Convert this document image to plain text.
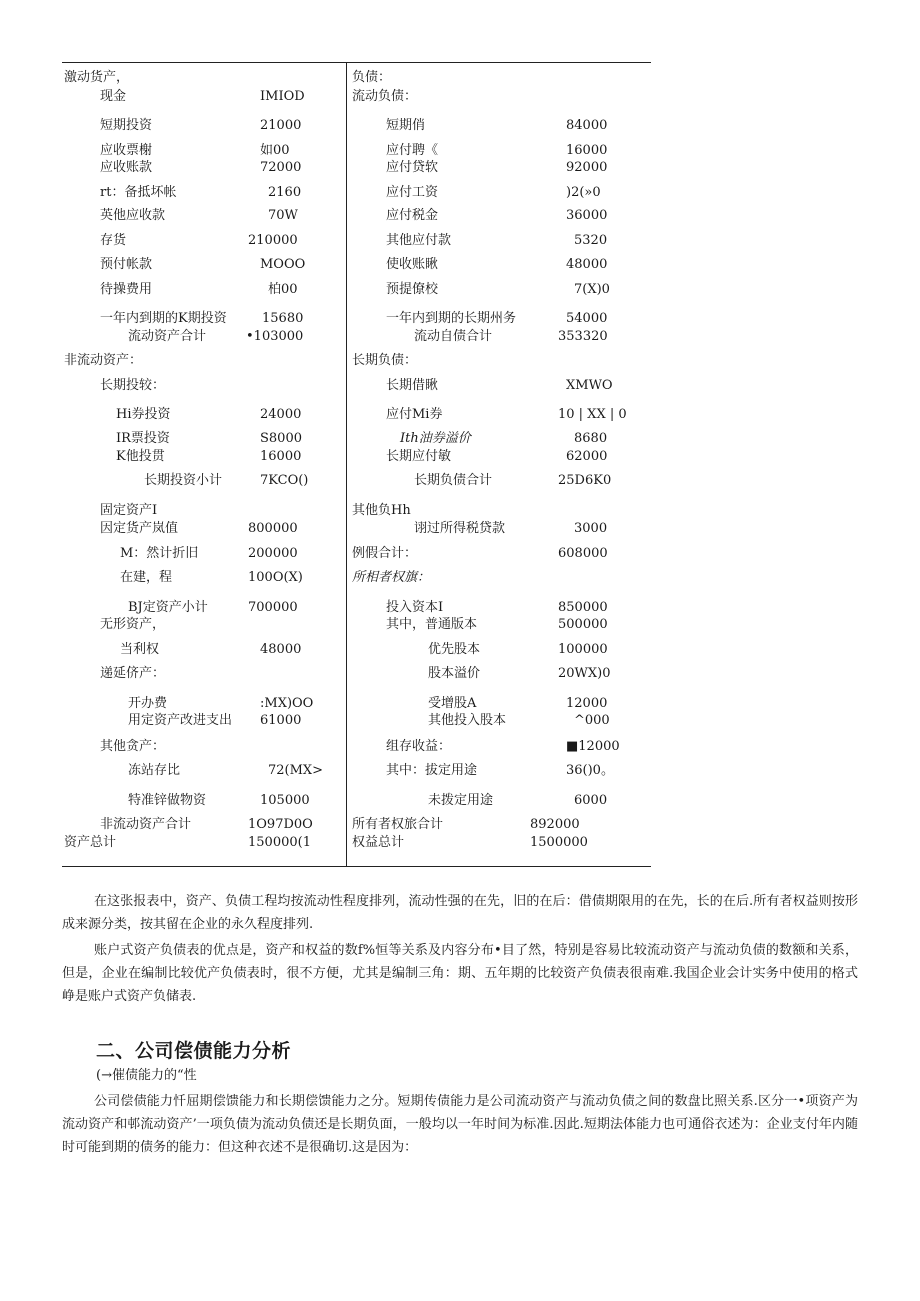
激动货产，
现金	IMIOD
短期投资	21000
应收票榭	如00
应收账款	72000
rt：备抵坏帐	2160
英他应收款	70W
存货	210000
预付帐款	MOOO
待操费用	柏00
一年内到期的K期投资	15680
流动资产合计	•103000
非流动资产：
长期投较：
Hi券投资	24000
IR票投资	S8000
K他投贯	16000
长期投资小计	7KCO()
固定资产I
因定货产岚值	800000
M：然计折旧	200000
在建，程	100O(X)
BJ定资产小计	700000
无形资产，
当利权	48000
递延侪产：
开办费	:MX)OO
用定资产改进支出 61000
其他贪产：
冻站存比	72(MX>
特准锌做物资	105000
非流动资产合计	1O97D0O
资产总计	150000(1
负债：
流动负债：
短期俏	84000
应付聘《	16000
应付贷软	92000
应付工资	)2(»0
应付税金	36000
其他应付款	5320
使收账瞅	48000
预提僚校	7(X)0
一年内到期的长期州务	54000
流动自债合计	353320
长期负债：
长期借瞅	XMWO
应付Mi券	10 | XX | 0
Ith油券溢价	8680
长期应付敏	62000
长期负债合计	25D6K0
其他负Hh
诩过所得税贷款	3000
例假合计：	608000
所相者权旗：
投入资本I	850000
其中，普通版本	500000
优先股本	100000
股本溢价	20WX)0
受增股A	12000
其他投入股本	^000
组存收益：	■12000
其中：拔定用途	36()0。
未拨定用途	6000
所有者权旅合计	892000
权益总计	1500000
在这张报表中，资产、负债工程均按流动性程度排列，流动性强的在先，旧的在后：借债期限用的在先，长的在后.所有者权益则按形成来源分类，按其留在企业的永久程度排列.
账户式资产负债表的优点是，资产和权益的数f%恒等关系及内容分布•目了然，特别是容易比较流动资产与流动负债的数额和关系，但是，企业在编制比较优产负债表时，很不方便，尤其是编制三角：期、五年期的比较资产负债表很南难.我国企业会计实务中使用的格式峥是账户式资产负储表.
二、公司偿债能力分析
(→催债能力的“性
公司偿债能力忏屈期偿馈能力和长期偿馈能力之分。短期传债能力是公司流动资产与流动负债之间的数盘比照关系.区分一•项资产为流动资产和邨流动资产’一项负债为流动负债还是长期负面，一般均以一年时间为标准.因此.短期法体能力也可通俗衣述为：企业支付年内随时可能到期的债务的能力：但这种衣述不是很确切.这是因为：
